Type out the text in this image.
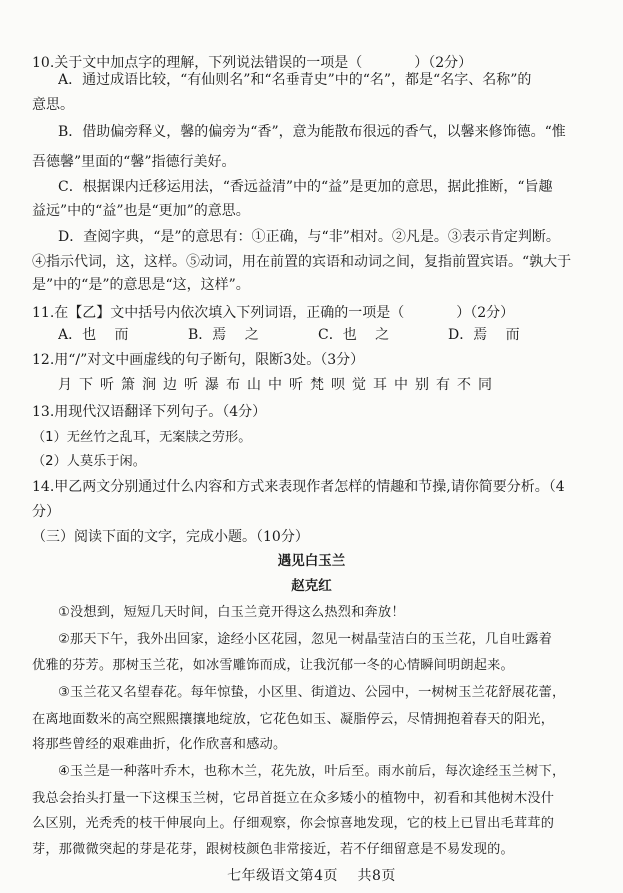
10.关于文中加点字的理解，下列说法错误的一项是（	）（2分）
A．通过成语比较，“有仙则名”和“名垂青史”中的“名”，都是“名字、名称”的
意思。
B．借助偏旁释义，馨的偏旁为“香”，意为能散布很远的香气，以馨来修饰德。“惟
吾德馨”里面的“馨”指德行美好。
C．根据课内迁移运用法，“香远益清”中的“益”是更加的意思，据此推断，“旨趣
益远”中的“益”也是“更加”的意思。
D．查阅字典，“是”的意思有：①正确，与“非”相对。②凡是。③表示肯定判断。
④指示代词，这，这样。⑤动词，用在前置的宾语和动词之间，复指前置宾语。“孰大于
是”中的“是”的意思是“这，这样”。
11.在【乙】文中括号内依次填入下列词语，正确的一项是（	）（2分）
A．也　 而	B．焉　 之	C．也　 之	D．焉　 而
12.用“/”对文中画虚线的句子断句，限断3处。（3分）
月下听箫涧边听瀑布山中听梵呗觉耳中别有不同
13.用现代汉语翻译下列句子。（4分）
（1）无丝竹之乱耳，无案牍之劳形。
（2）人莫乐于闲。
14.甲乙两文分别通过什么内容和方式来表现作者怎样的情趣和节操,请你简要分析。（4
分）
（三）阅读下面的文字，完成小题。（10分）
遇见白玉兰
赵克红
①没想到，短短几天时间，白玉兰竟开得这么热烈和奔放！
②那天下午，我外出回家，途经小区花园，忽见一树晶莹洁白的玉兰花，几自吐露着
优雅的芬芳。那树玉兰花，如冰雪雕饰而成，让我沉郁一冬的心情瞬间明朗起来。
③玉兰花又名望春花。每年惊蛰，小区里、街道边、公园中，一树树玉兰花舒展花蕾，
在离地面数米的高空熙熙攘攘地绽放，它花色如玉、凝脂停云，尽情拥抱着春天的阳光，
将那些曾经的艰难曲折，化作欣喜和感动。
④玉兰是一种落叶乔木，也称木兰，花先放，叶后至。雨水前后，每次途经玉兰树下，
我总会抬头打量一下这棵玉兰树，它昂首挺立在众多矮小的植物中，初看和其他树木没什
么区别，光秃秃的枝干伸展向上。仔细观察，你会惊喜地发现，它的枝上已冒出毛茸茸的
芽，那微微突起的芽是花芽，跟树枝颜色非常接近，若不仔细留意是不易发现的。
七年级语文第4页　 共8页
